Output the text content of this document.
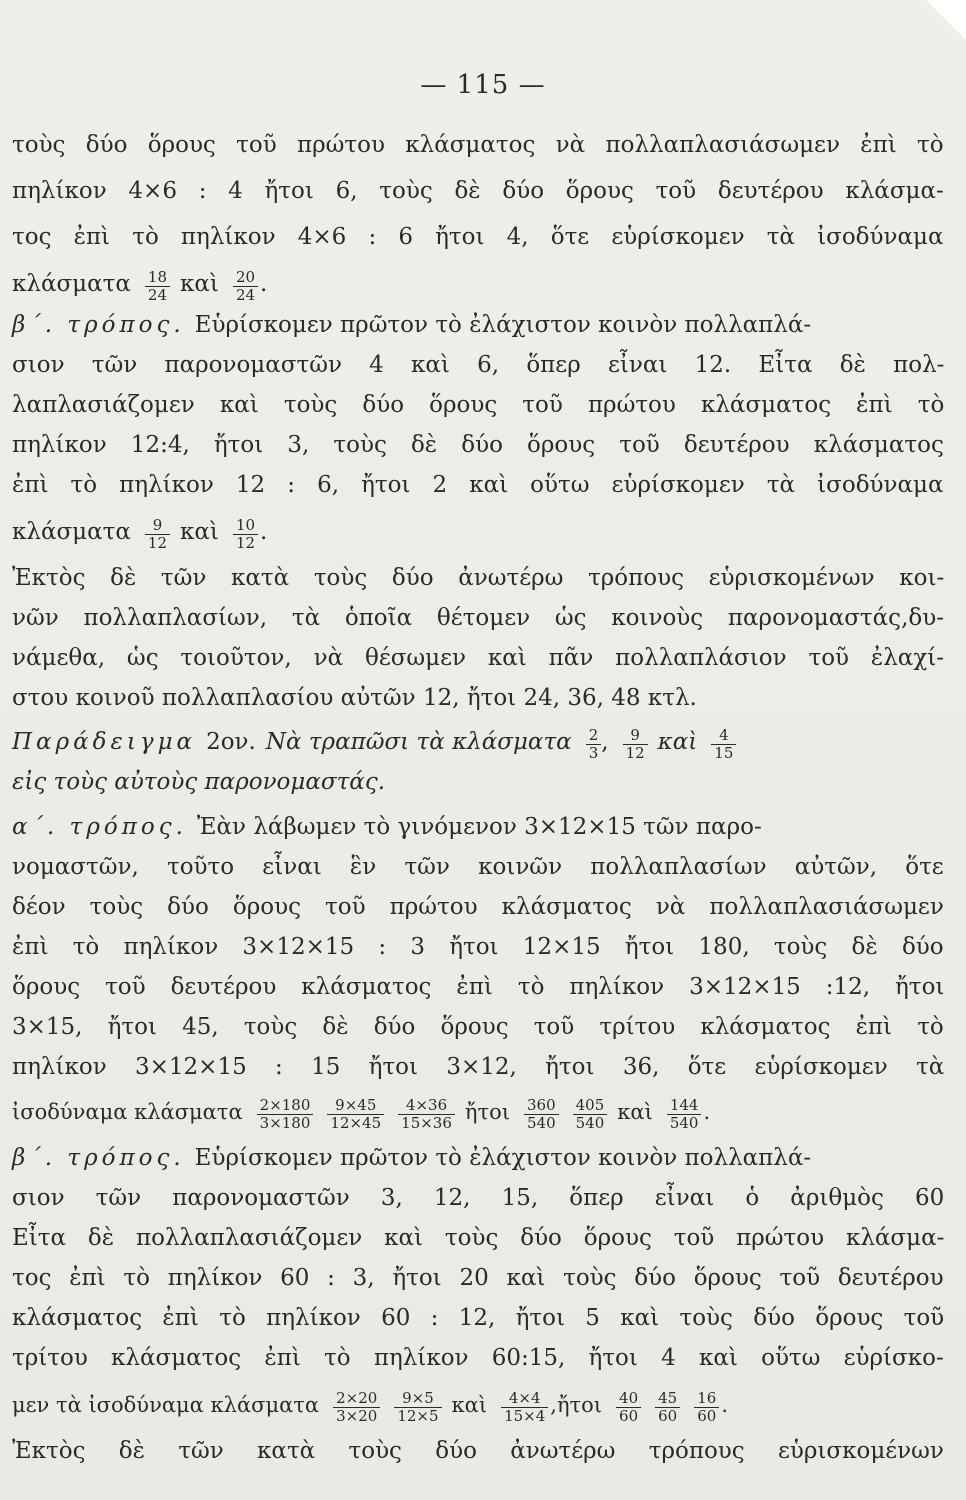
— 115 —
τοὺς δύο ὅρους τοῦ πρώτου κλάσματος νὰ πολλαπλασιάσωμεν ἐπὶ τὸ
πηλίκον 4×6 : 4 ἤτοι 6, τοὺς δὲ δύο ὅρους τοῦ δευτέρου κλάσμα-
τος ἐπὶ τὸ πηλίκον 4×6 : 6 ἤτοι 4, ὅτε εὑρίσκομεν τὰ ἰσοδύναμα
κλάσματα $\frac{18}{24}$ καὶ $\frac{20}{24}$ .
β΄. τρόπος. Εὑρίσκομεν πρῶτον τὸ ἐλάχιστον κοινὸν πολλαπλά-
σιον τῶν παρονομαστῶν 4 καὶ 6, ὅπερ εἶναι 12. Εἶτα δὲ πολ-
λαπλασιάζομεν καὶ τοὺς δύο ὅρους τοῦ πρώτου κλάσματος ἐπὶ τὸ
πηλίκον 12:4, ἤτοι 3, τοὺς δὲ δύο ὅρους τοῦ δευτέρου κλάσματος
ἐπὶ τὸ πηλίκον 12 : 6, ἤτοι 2 καὶ οὕτω εὑρίσκομεν τὰ ἰσοδύναμα
κλάσματα $\frac{9}{12}$ καὶ $\frac{10}{12}$ .
Ἐκτὸς δὲ τῶν κατὰ τοὺς δύο ἀνωτέρω τρόπους εὑρισκομένων κοι-
νῶν πολλαπλασίων, τὰ ὁποῖα θέτομεν ὡς κοινοὺς παρονομαστάς,δυ-
νάμεθα, ὡς τοιοῦτον, νὰ θέσωμεν καὶ πᾶν πολλαπλάσιον τοῦ ἐλαχί-
στου κοινοῦ πολλαπλασίου αὐτῶν 12, ἤτοι 24, 36, 48 κτλ.
Παράδειγμα 2ον. Νὰ τραπῶσι τὰ κλάσματα $\frac{2}{3}$ , $\frac{9}{12}$ καὶ $\frac{4}{15}$
εἰς τοὺς αὐτοὺς παρονομαστάς.
α΄. τρόπος. Ἐὰν λάβωμεν τὸ γινόμενον 3×12×15 τῶν παρο-
νομαστῶν, τοῦτο εἶναι ἓν τῶν κοινῶν πολλαπλασίων αὐτῶν, ὅτε
δέον τοὺς δύο ὅρους τοῦ πρώτου κλάσματος νὰ πολλαπλασιάσωμεν
ἐπὶ τὸ πηλίκον 3×12×15 : 3 ἤτοι 12×15 ἤτοι 180, τοὺς δὲ δύο
ὅρους τοῦ δευτέρου κλάσματος ἐπὶ τὸ πηλίκον 3×12×15 :12, ἤτοι
3×15, ἤτοι 45, τοὺς δὲ δύο ὅρους τοῦ τρίτου κλάσματος ἐπὶ τὸ
πηλίκον 3×12×15 : 15 ἤτοι 3×12, ἤτοι 36, ὅτε εὑρίσκομεν τὰ
ἰσοδύναμα κλάσματα $\frac{2\times 180}{3\times 180} \frac{9\times 45}{12\times 45} \frac{4\times 36}{15\times 36}$ ἤτοι $\frac{360}{540} \frac{405}{540}$ καὶ $\frac{144}{540}$ .
β΄. τρόπος. Εὑρίσκομεν πρῶτον τὸ ἐλάχιστον κοινὸν πολλαπλά-
σιον τῶν παρονομαστῶν 3, 12, 15, ὅπερ εἶναι ὁ ἀριθμὸς 60
Εἶτα δὲ πολλαπλασιάζομεν καὶ τοὺς δύο ὅρους τοῦ πρώτου κλάσμα-
τος ἐπὶ τὸ πηλίκον 60 : 3, ἤτοι 20 καὶ τοὺς δύο ὅρους τοῦ δευτέρου
κλάσματος ἐπὶ τὸ πηλίκον 60 : 12, ἤτοι 5 καὶ τοὺς δύο ὅρους τοῦ
τρίτου κλάσματος ἐπὶ τὸ πηλίκον 60:15, ἤτοι 4 καὶ οὕτω εὑρίσκο-
μεν τὰ ἰσοδύναμα κλάσματα $\frac{2\times 20}{3\times 20} \frac{9\times 5}{12\times 5}$ καὶ $\frac{4\times 4}{15\times 4}$ ,ἤτοι $\frac{40}{60} \frac{45}{60} \frac{16}{60}$ .
Ἐκτὸς δὲ τῶν κατὰ τοὺς δύο ἀνωτέρω τρόπους εὑρισκομένων
